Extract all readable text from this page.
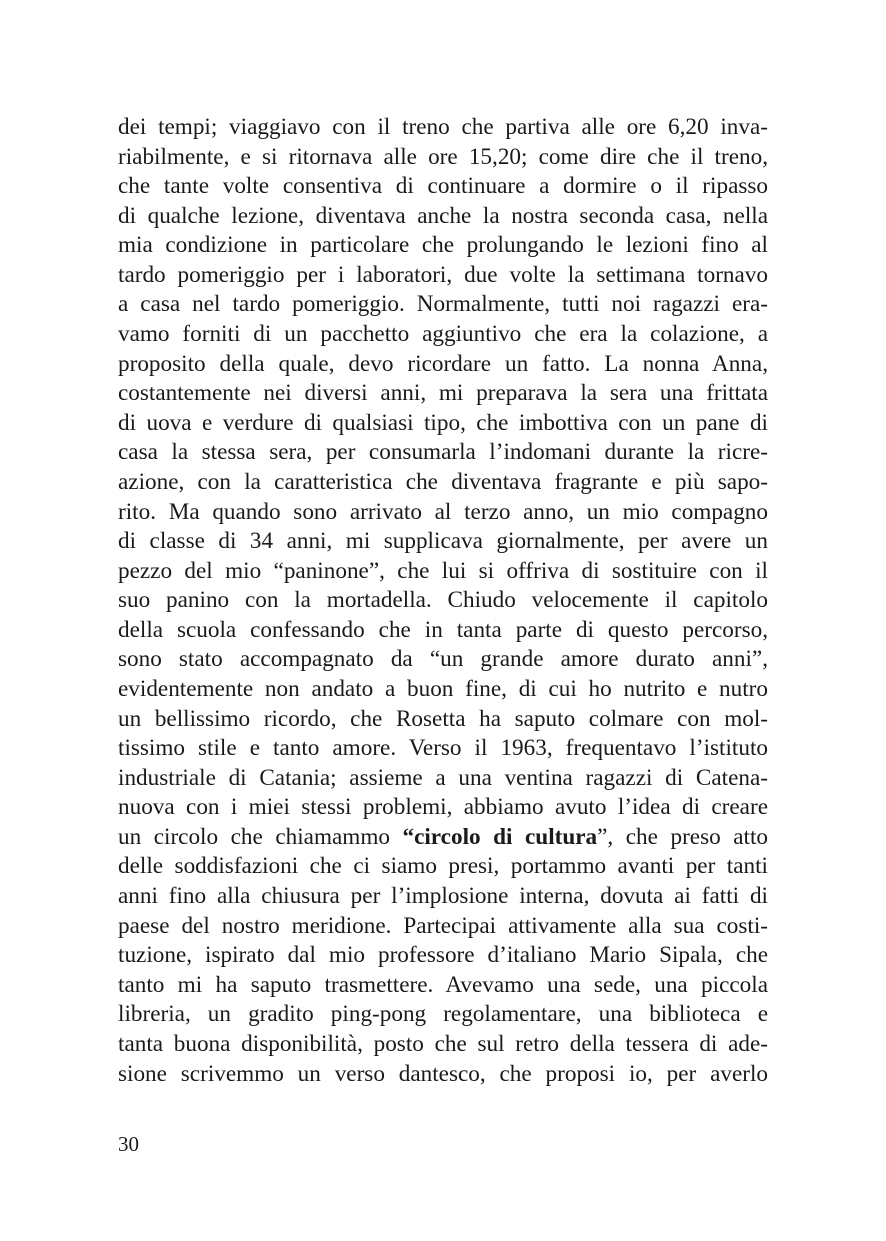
dei tempi; viaggiavo con il treno che partiva alle ore 6,20 inva-
riabilmente, e si ritornava alle ore 15,20; come dire che il treno,
che tante volte consentiva di continuare a dormire o il ripasso
di qualche lezione, diventava anche la nostra seconda casa, nella
mia condizione in particolare che prolungando le lezioni fino al
tardo pomeriggio per i laboratori, due volte la settimana tornavo
a casa nel tardo pomeriggio. Normalmente, tutti noi ragazzi era-
vamo forniti di un pacchetto aggiuntivo che era la colazione, a
proposito della quale, devo ricordare un fatto. La nonna Anna,
costantemente nei diversi anni, mi preparava la sera una frittata
di uova e verdure di qualsiasi tipo, che imbottiva con un pane di
casa la stessa sera, per consumarla l’indomani durante la ricre-
azione, con la caratteristica che diventava fragrante e più sapo-
rito. Ma quando sono arrivato al terzo anno, un mio compagno
di classe di 34 anni, mi supplicava giornalmente, per avere un
pezzo del mio “paninone”, che lui si offriva di sostituire con il
suo panino con la mortadella. Chiudo velocemente il capitolo
della scuola confessando che in tanta parte di questo percorso,
sono stato accompagnato da “un grande amore durato anni”,
evidentemente non andato a buon fine, di cui ho nutrito e nutro
un bellissimo ricordo, che Rosetta ha saputo colmare con mol-
tissimo stile e tanto amore. Verso il 1963, frequentavo l’istituto
industriale di Catania; assieme a una ventina ragazzi di Catena-
nuova con i miei stessi problemi, abbiamo avuto l’idea di creare
un circolo che chiamammo “circolo di cultura”, che preso atto
delle soddisfazioni che ci siamo presi, portammo avanti per tanti
anni fino alla chiusura per l’implosione interna, dovuta ai fatti di
paese del nostro meridione. Partecipai attivamente alla sua costi-
tuzione, ispirato dal mio professore d’italiano Mario Sipala, che
tanto mi ha saputo trasmettere. Avevamo una sede, una piccola
libreria, un gradito ping-pong regolamentare, una biblioteca e
tanta buona disponibilità, posto che sul retro della tessera di ade-
sione scrivemmo un verso dantesco, che proposi io, per averlo
30
